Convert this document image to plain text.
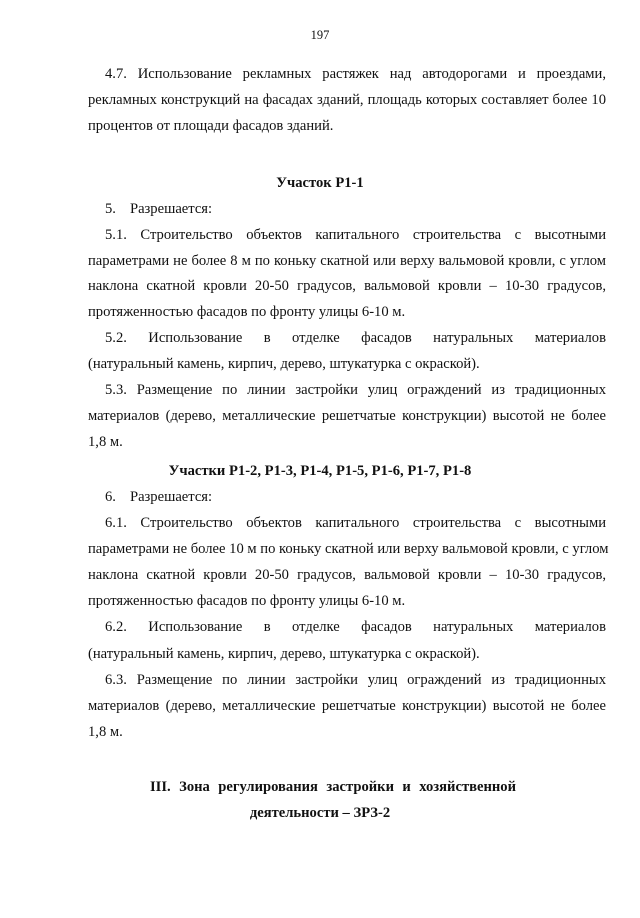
197
4.7. Использование рекламных растяжек над автодорогами и проездами,
рекламных конструкций на фасадах зданий, площадь которых составляет более 10
процентов от площади фасадов зданий.
Участок Р1-1
5. Разрешается:
5.1. Строительство объектов капитального строительства с высотными
параметрами не более 8 м по коньку скатной или верху вальмовой кровли, с углом
наклона скатной кровли 20-50 градусов, вальмовой кровли – 10-30 градусов,
протяженностью фасадов по фронту улицы 6-10 м.
5.2. Использование в отделке фасадов натуральных материалов
(натуральный камень, кирпич, дерево, штукатурка с окраской).
5.3. Размещение по линии застройки улиц ограждений из традиционных
материалов (дерево, металлические решетчатые конструкции) высотой не более
1,8 м.
Участки Р1-2, Р1-3, Р1-4, Р1-5, Р1-6, Р1-7, Р1-8
6. Разрешается:
6.1. Строительство объектов капитального строительства с высотными
параметрами не более 10 м по коньку скатной или верху вальмовой кровли, с углом
наклона скатной кровли 20-50 градусов, вальмовой кровли – 10-30 градусов,
протяженностью фасадов по фронту улицы 6-10 м.
6.2. Использование в отделке фасадов натуральных материалов
(натуральный камень, кирпич, дерево, штукатурка с окраской).
6.3. Размещение по линии застройки улиц ограждений из традиционных
материалов (дерево, металлические решетчатые конструкции) высотой не более
1,8 м.
III. Зона регулирования застройки и хозяйственной
деятельности – ЗРЗ-2
